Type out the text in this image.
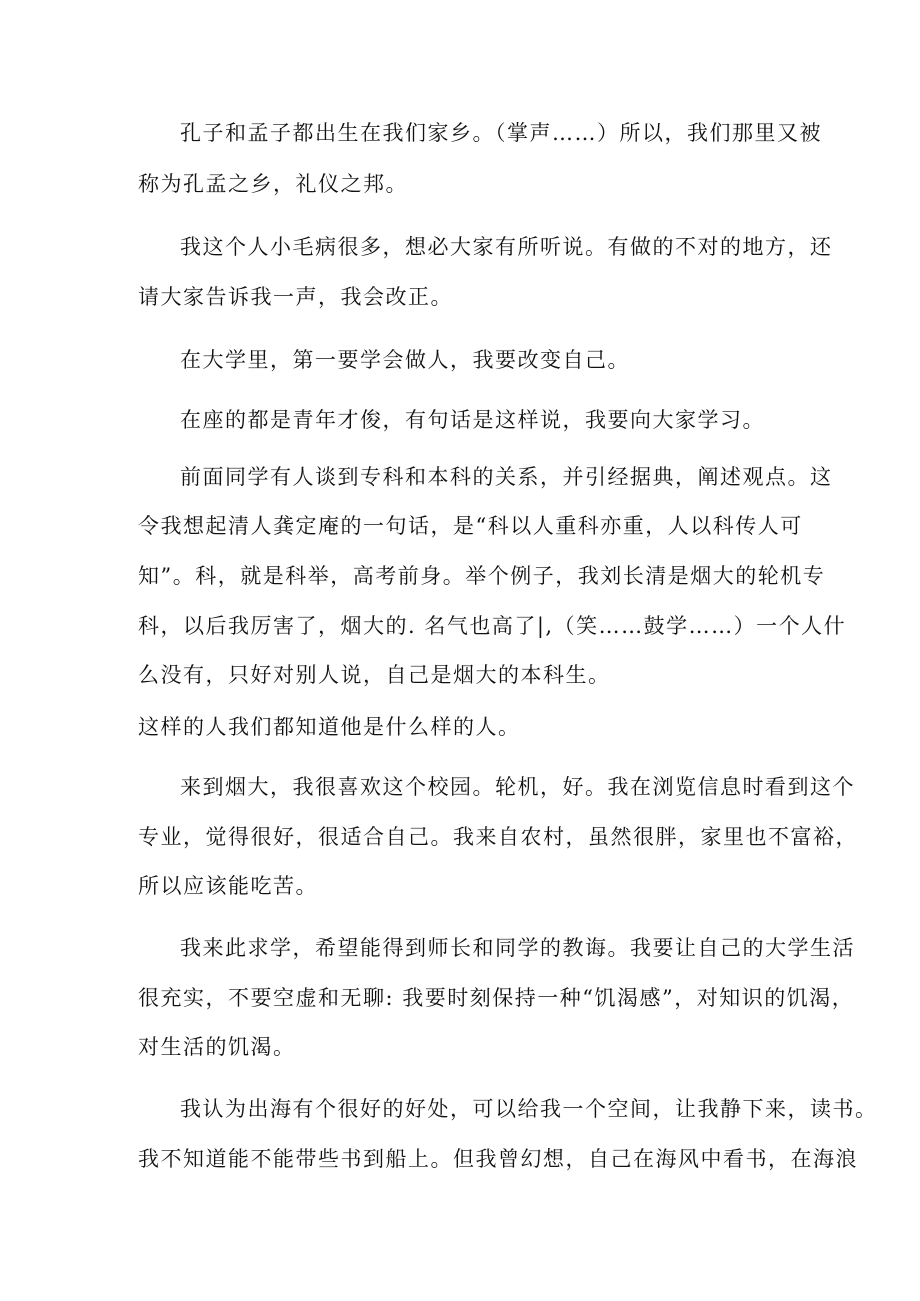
孔子和孟子都出生在我们家乡。（掌声……）所以，我们那里又被
称为孔孟之乡，礼仪之邦。
我这个人小毛病很多，想必大家有所听说。有做的不对的地方，还
请大家告诉我一声，我会改正。
在大学里，第一要学会做人，我要改变自己。
在座的都是青年才俊，有句话是这样说，我要向大家学习。
前面同学有人谈到专科和本科的关系，并引经据典，阐述观点。这
令我想起清人龚定庵的一句话，是“科以人重科亦重，人以科传人可
知”。科，就是科举，高考前身。举个例子，我刘长清是烟大的轮机专
科，以后我厉害了，烟大的. 名气也高了|,（笑……鼓学……）一个人什
么没有，只好对别人说，自己是烟大的本科生。
这样的人我们都知道他是什么样的人。
来到烟大，我很喜欢这个校园。轮机，好。我在浏览信息时看到这个
专业，觉得很好，很适合自己。我来自农村，虽然很胖，家里也不富裕，
所以应该能吃苦。
我来此求学，希望能得到师长和同学的教诲。我要让自己的大学生活
很充实，不要空虚和无聊: 我要时刻保持一种“饥渴感”，对知识的饥渴，
对生活的饥渴。
我认为出海有个很好的好处，可以给我一个空间，让我静下来，读书。
我不知道能不能带些书到船上。但我曾幻想，自己在海风中看书，在海浪
